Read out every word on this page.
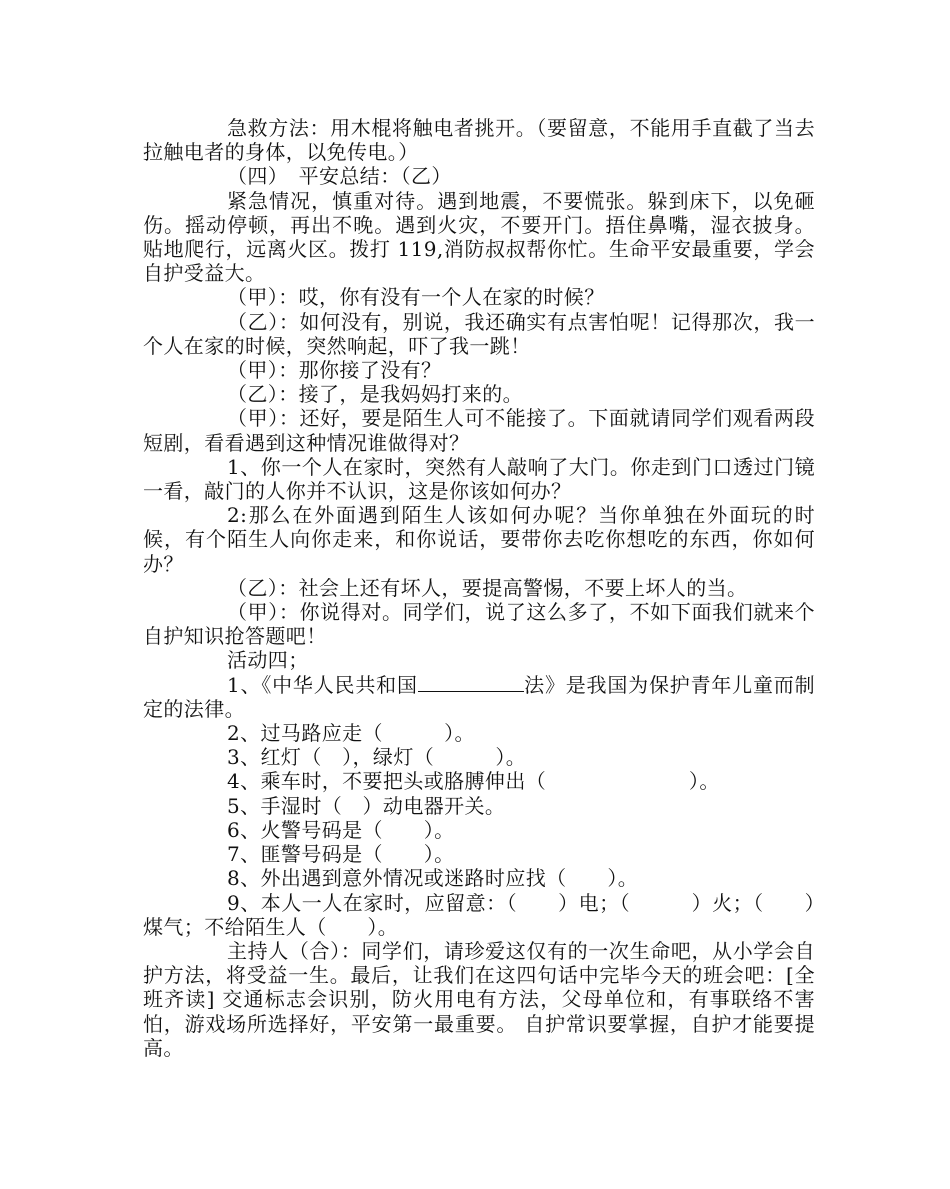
急救方法：用木棍将触电者挑开。（要留意，不能用手直截了当去拉触电者的身体，以免传电。）

（四）　平安总结：（乙）

紧急情况，慎重对待。遇到地震，不要慌张。躲到床下，以免砸伤。摇动停顿，再出不晚。遇到火灾，不要开门。捂住鼻嘴，湿衣披身。贴地爬行，远离火区。拨打 119,消防叔叔帮你忙。生命平安最重要，学会自护受益大。

（甲）：哎，你有没有一个人在家的时候？

（乙）：如何没有，别说，我还确实有点害怕呢！记得那次，我一个人在家的时候，突然响起，吓了我一跳！

（甲）：那你接了没有？

（乙）：接了，是我妈妈打来的。

（甲）：还好，要是陌生人可不能接了。下面就请同学们观看两段短剧，看看遇到这种情况谁做得对？

1、你一个人在家时，突然有人敲响了大门。你走到门口透过门镜一看，敲门的人你并不认识，这是你该如何办？

2:那么在外面遇到陌生人该如何办呢？当你单独在外面玩的时候，有个陌生人向你走来，和你说话，要带你去吃你想吃的东西，你如何办？

（乙）：社会上还有坏人，要提高警惕，不要上坏人的当。

（甲）：你说得对。同学们，说了这么多了，不如下面我们就来个自护知识抢答题吧！

活动四；

1、《中华人民共和国	法》是我国为保护青年儿童而制定的法律。

2、过马路应走（　　　）。

3、红灯（　），绿灯（　　　）。

4、乘车时，不要把头或胳膊伸出（　　　　　　　）。

5、手湿时（　）动电器开关。

6、火警号码是（　　）。

7、匪警号码是（　　）。

8、外出遇到意外情况或迷路时应找（　　）。

9、本人一人在家时，应留意：（　　）电；（　　　）火；（　　）煤气；不给陌生人（　　）。

主持人（合）：同学们，请珍爱这仅有的一次生命吧，从小学会自护方法，将受益一生。最后，让我们在这四句话中完毕今天的班会吧：[全班齐读] 交通标志会识别，防火用电有方法，父母单位和，有事联络不害怕，游戏场所选择好，平安第一最重要。 自护常识要掌握，自护才能要提高。
